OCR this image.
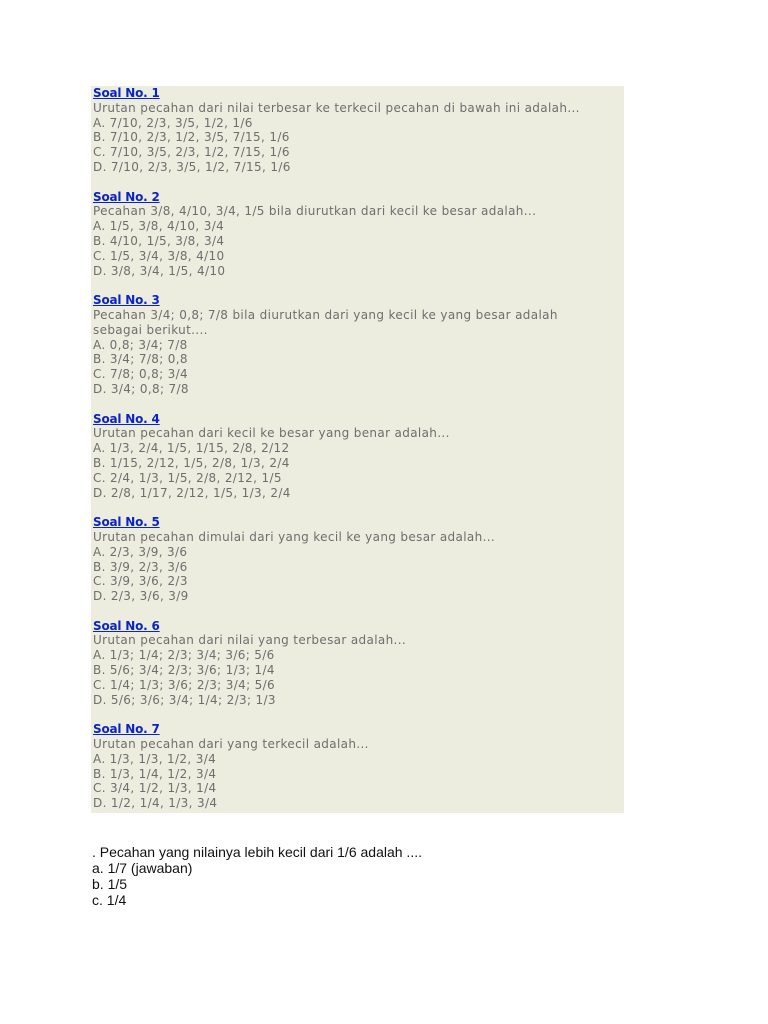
Soal No. 1
Urutan pecahan dari nilai terbesar ke terkecil pecahan di bawah ini adalah...
A. 7/10, 2/3, 3/5, 1/2, 1/6
B. 7/10, 2/3, 1/2, 3/5, 7/15, 1/6
C. 7/10, 3/5, 2/3, 1/2, 7/15, 1/6
D. 7/10, 2/3, 3/5, 1/2, 7/15, 1/6
Soal No. 2
Pecahan 3/8, 4/10, 3/4, 1/5 bila diurutkan dari kecil ke besar adalah...
A. 1/5, 3/8, 4/10, 3/4
B. 4/10, 1/5, 3/8, 3/4
C. 1/5, 3/4, 3/8, 4/10
D. 3/8, 3/4, 1/5, 4/10
Soal No. 3
Pecahan 3/4; 0,8; 7/8 bila diurutkan dari yang kecil ke yang besar adalah sebagai berikut....
A. 0,8; 3/4; 7/8
B. 3/4; 7/8; 0,8
C. 7/8; 0,8; 3/4
D. 3/4; 0,8; 7/8
Soal No. 4
Urutan pecahan dari kecil ke besar yang benar adalah...
A. 1/3, 2/4, 1/5, 1/15, 2/8, 2/12
B. 1/15, 2/12, 1/5, 2/8, 1/3, 2/4
C. 2/4, 1/3, 1/5, 2/8, 2/12, 1/5
D. 2/8, 1/17, 2/12, 1/5, 1/3, 2/4
Soal No. 5
Urutan pecahan dimulai dari yang kecil ke yang besar adalah...
A. 2/3, 3/9, 3/6
B. 3/9, 2/3, 3/6
C. 3/9, 3/6, 2/3
D. 2/3, 3/6, 3/9
Soal No. 6
Urutan pecahan dari nilai yang terbesar adalah...
A. 1/3; 1/4; 2/3; 3/4; 3/6; 5/6
B. 5/6; 3/4; 2/3; 3/6; 1/3; 1/4
C. 1/4; 1/3; 3/6; 2/3; 3/4; 5/6
D. 5/6; 3/6; 3/4; 1/4; 2/3; 1/3
Soal No. 7
Urutan pecahan dari yang terkecil adalah...
A. 1/3, 1/3, 1/2, 3/4
B. 1/3, 1/4, 1/2, 3/4
C. 3/4, 1/2, 1/3, 1/4
D. 1/2, 1/4, 1/3, 3/4
. Pecahan yang nilainya lebih kecil dari 1/6 adalah ....
a. 1/7 (jawaban)
b. 1/5
c. 1/4
